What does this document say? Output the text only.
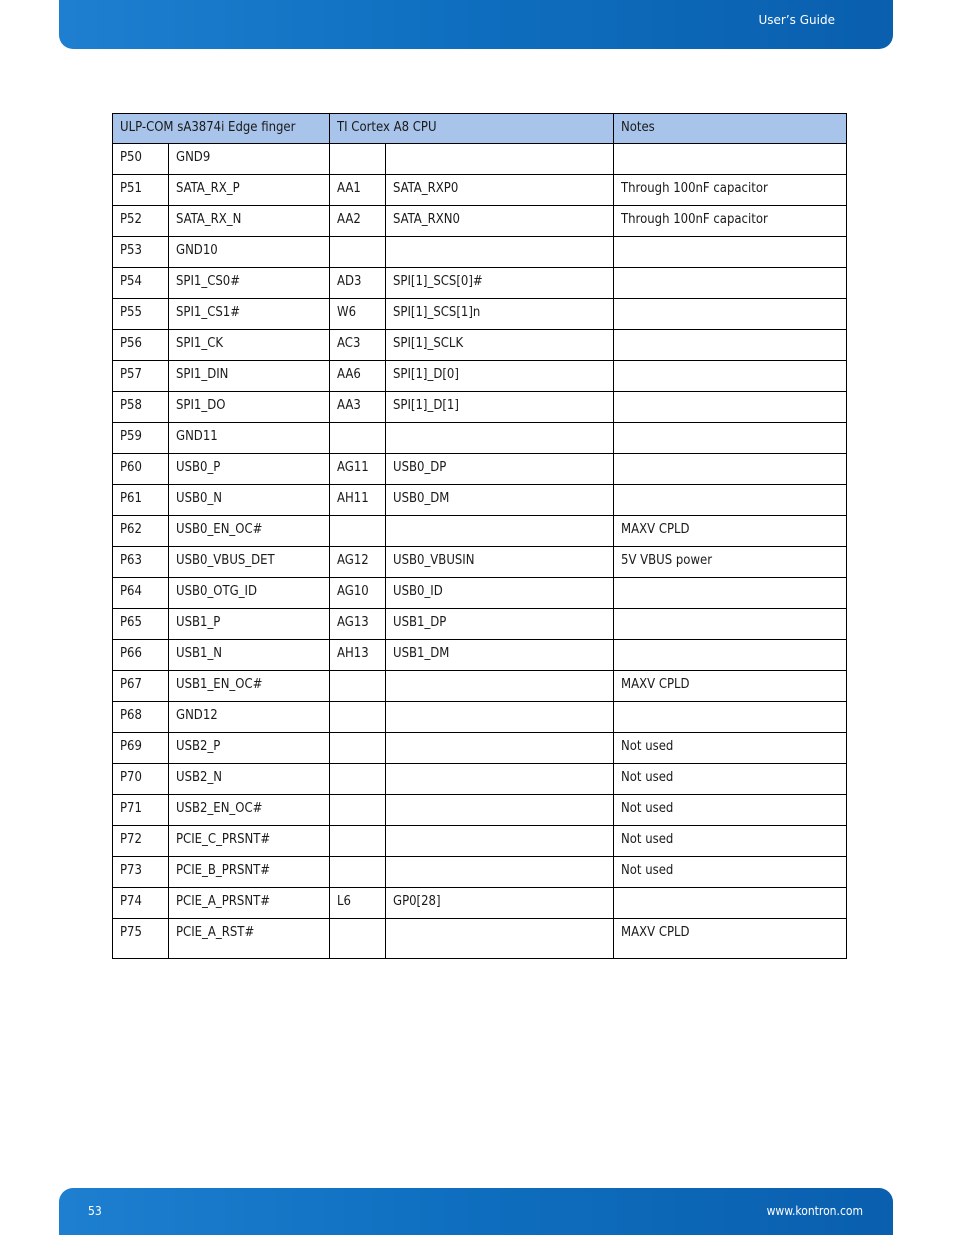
User’s Guide
ULP-COM sA3874i Edge finger		TI Cortex A8 CPU		Notes
P50	GND9			
P51	SATA_RX_P	AA1	SATA_RXP0	Through 100nF capacitor
P52	SATA_RX_N	AA2	SATA_RXN0	Through 100nF capacitor
P53	GND10			
P54	SPI1_CS0#	AD3	SPI[1]_SCS[0]#	
P55	SPI1_CS1#	W6	SPI[1]_SCS[1]n	
P56	SPI1_CK	AC3	SPI[1]_SCLK	
P57	SPI1_DIN	AA6	SPI[1]_D[0]	
P58	SPI1_DO	AA3	SPI[1]_D[1]	
P59	GND11			
P60	USB0_P	AG11	USB0_DP	
P61	USB0_N	AH11	USB0_DM	
P62	USB0_EN_OC#			MAXV CPLD
P63	USB0_VBUS_DET	AG12	USB0_VBUSIN	5V VBUS power
P64	USB0_OTG_ID	AG10	USB0_ID	
P65	USB1_P	AG13	USB1_DP	
P66	USB1_N	AH13	USB1_DM	
P67	USB1_EN_OC#			MAXV CPLD
P68	GND12			
P69	USB2_P			Not used
P70	USB2_N			Not used
P71	USB2_EN_OC#			Not used
P72	PCIE_C_PRSNT#			Not used
P73	PCIE_B_PRSNT#			Not used
P74	PCIE_A_PRSNT#	L6	GP0[28]	
P75	PCIE_A_RST#			MAXV CPLD
53	www.kontron.com
